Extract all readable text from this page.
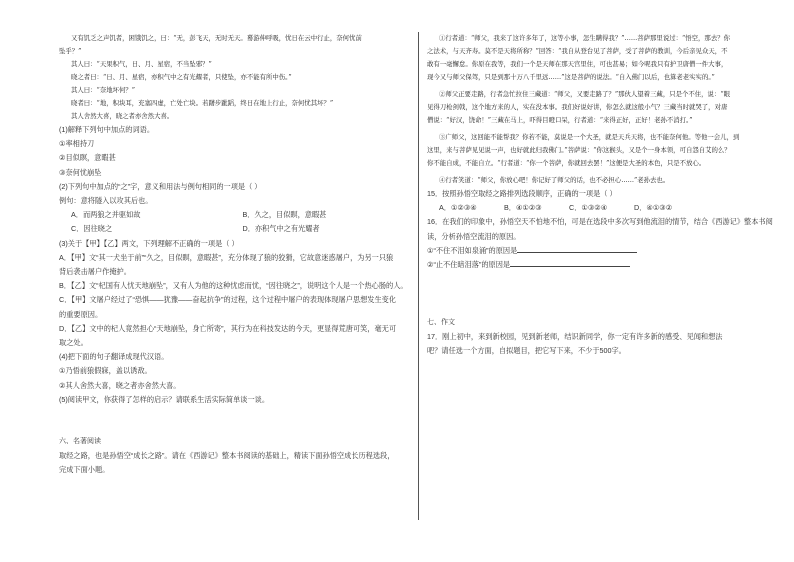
又有饥乏之声饥者，困饿饥之，曰：“无，彭飞天，无时无天。蓦游伸呼吸，忧日在云中行止，奈何忧前

坠乎？”

其人曰：“天果积气，日、月、星宿，不当坠邪？”

晓之者曰：“日、月、星宿，亦积气中之有光耀者，只使坠，亦不能有所中伤。”

其人曰：“奈地坏何？”

晓者曰：“地，积块耳，充塞四虚，亡处亡块。若躇步跐蹈，终日在地上行止，奈何忧其坏？”

其人舍然大喜，晓之者亦舍然大喜。

(1)解释下列句中加点的词语。

①率相持刀

②目似瞑，意暇甚

③奈何忧崩坠

(2)下列句中加点的“之”字，意义和用法与例句相同的一项是（ ）

例句：意将隧入以攻其后也。

A．而两狼之并驱如故	B．久之，目似瞑，意暇甚
C．因往晓之	D．亦积气中之有光耀者

(3)关于【甲】【乙】两文，下列理解不正确的一项是（ ）

A．【甲】文“其一犬坐于前”“久之，目似瞑，意暇甚”，充分体现了狼的狡猾，它故意迷惑屠户，为另一只狼

背后袭击屠户作掩护。

B．【乙】文“杞国有人忧天地崩坠”，又有人为他的这种忧虑而忧，“因往晓之”，说明这个人是一个热心肠的人。

C．【甲】文屠户经过了“恐惧——犹豫——奋起抗争”的过程，这个过程中屠户的表现体现屠户思想发生变化

的重要原因。

D．【乙】文中的杞人竟然担心“天地崩坠，身亡所寄”，其行为在科技发达的今天，更显得荒唐可笑，毫无可

取之处。

(4)把下面的句子翻译成现代汉语。

①乃悟前狼假寐，盖以诱敌。

②其人舍然大喜，晓之者亦舍然大喜。

(5)阅读甲文，你获得了怎样的启示？请联系生活实际简单谈一谈。

六、名著阅读

取经之路，也是孙悟空“成长之路”。请在《西游记》整本书阅读的基础上，精读下面孙悟空成长历程选段，

完成下面小题。

①行者道：“师父，我来了这许多年了，这等小事，怎生瞒得我？”……菩萨那里说过：“悟空，那去？你

之法术，与天齐寿。莫不是天将所称？”回答：“我自从登台见了菩萨，受了菩萨的教训，今后亲见众天，不

敢有一毫懈怠。你原在我等，我们一个是天师在那天宫里住，可也甚易；如今呢我只有护卫唐僧一件大事，

现今又与师父保驾，只是到那十万八千里远……”这是菩萨的说法。“自入佛门以后，也算老老实实的。”

②师父正要走路，行者急忙拉住三藏道：“师父，又要走路了？”那伙人望着三藏，只是个不住，说：“眼

见得刀枪剑戟，这个地方来的人，实在没本事。我们好说好讲，你怎么就这般小气？三藏当时就哭了，对唐

僧说：“好汉，饶命！”三藏在马上，吓得目瞪口呆，行者道：“来得正好，正好！老孙不消打。”

③广师父，这回能不能帮我？你若不能，莫说是一个大圣，就是天兵天将，也不能奈何他。等他一会儿，到

这里，来与菩萨见见说一声，也好就此归我佛门。”菩萨说：“你这猴头，又是个一身本领，可自怨自艾的么？

你不能自成，不能自立。“行者道：“你一个菩萨，你就回去罢！”这便是大圣的本色，只是不放心。

④行者笑道：“师父，你放心吧！你记好了师父的话，也不必担心……”老孙去也。

15．按照孙悟空取经之路排列选段顺序，正确的一项是（ ）

A．①②③④	B．④①②③	C．①③②④	D．④①③②

16．在我们的印象中，孙悟空天不怕地不怕，可是在选段中多次写到他流泪的情节，结合《西游记》整本书阅

读，分析孙悟空流泪的原因。

①“不住不泪如泉涌”的原因是

②“止不住暗泪落”的原因是

七、作文

17．刚上初中，来到新校园，见到新老师，结识新同学，你一定有许多新的感受、见闻和想法

吧？请任选一个方面，自拟题目，把它写下来，不少于500字。
